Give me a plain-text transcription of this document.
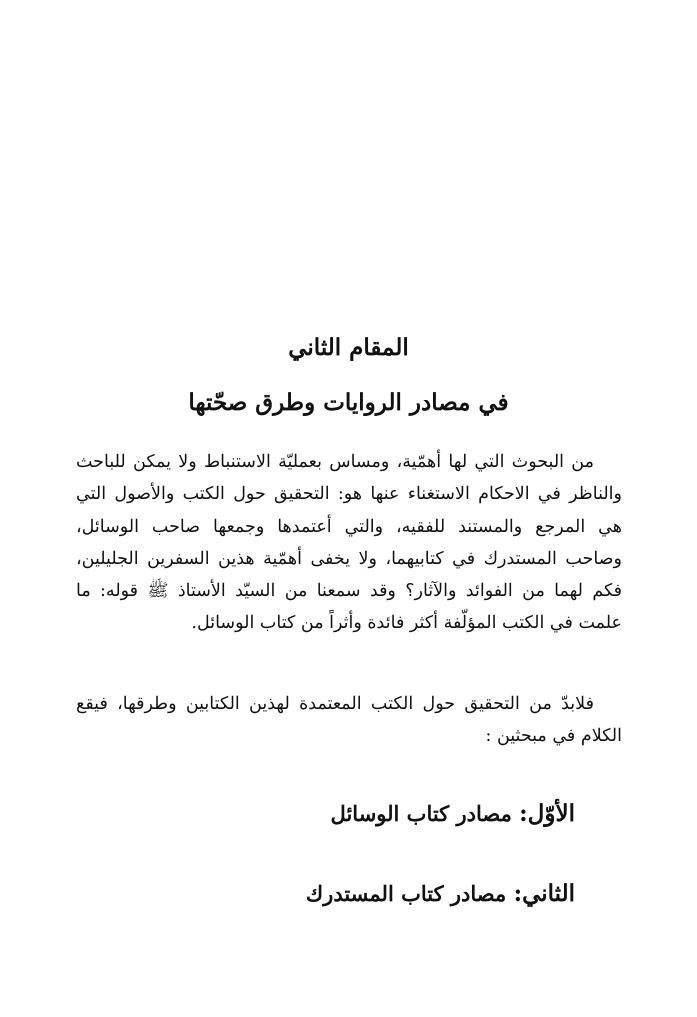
المقام الثاني
في مصادر الروايات وطرق صحّتها

من البحوث التي لها أهمّية، ومساس بعمليّة الاستنباط ولا يمكن للباحث والناظر في الاحكام الاستغناء عنها هو: التحقيق حول الكتب والأصول التي هي المرجع والمستند للفقيه، والتي أعتمدها وجمعها صاحب الوسائل، وصاحب المستدرك في كتابيهما، ولا يخفى أهمّية هذين السفرين الجليلين، فكم لهما من الفوائد والآثار؟ وقد سمعنا من السيّد الأستاذ ﷺ قوله: ما علمت في الكتب المؤلّفة أكثر فائدة وأثراً من كتاب الوسائل.

فلابدّ من التحقيق حول الكتب المعتمدة لهذين الكتابين وطرقها، فيقع الكلام في مبحثين :

الأوّل: مصادر كتاب الوسائل
الثاني: مصادر كتاب المستدرك
